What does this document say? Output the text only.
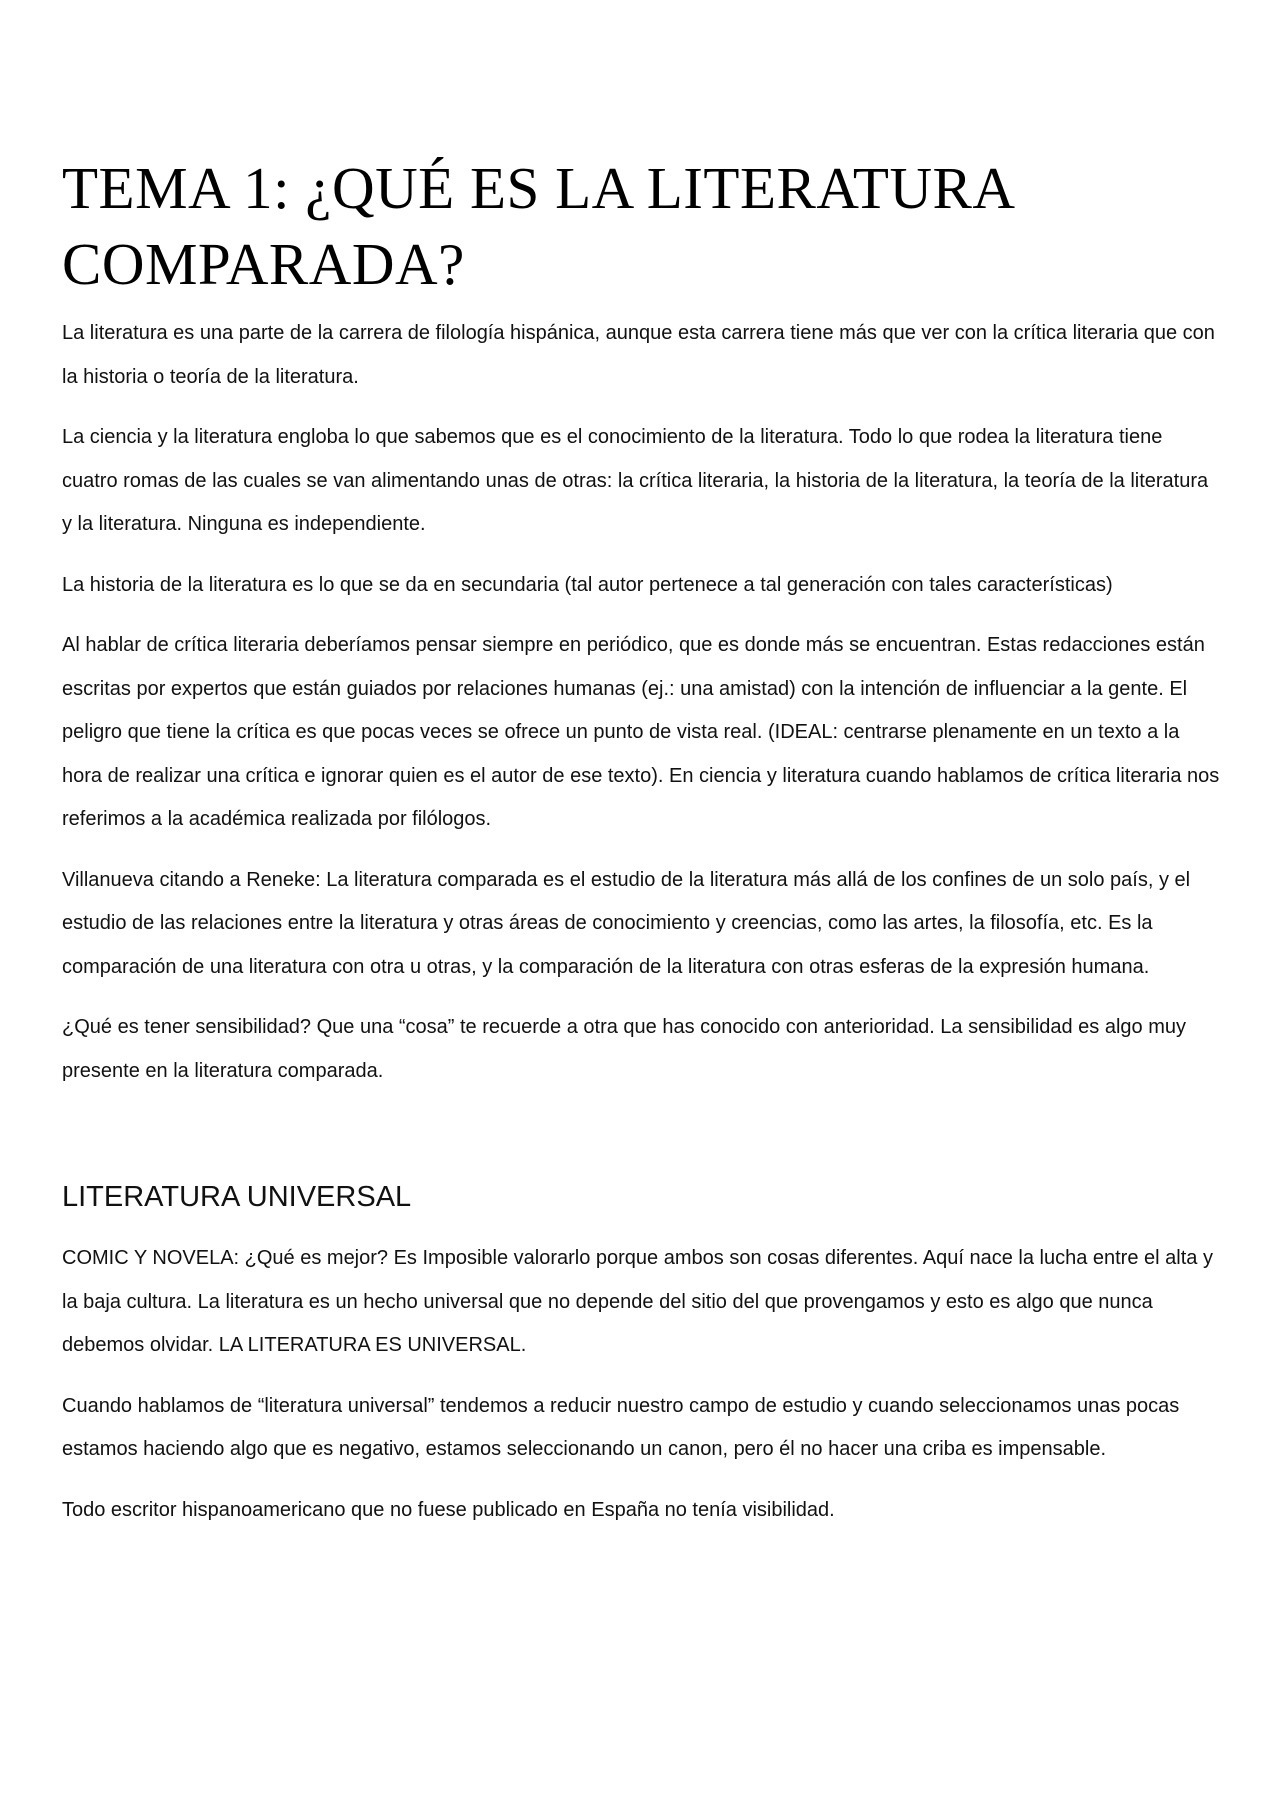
TEMA 1: ¿QUÉ ES LA LITERATURA COMPARADA?

La literatura es una parte de la carrera de filología hispánica, aunque esta carrera tiene más que ver con la crítica literaria que con la historia o teoría de la literatura.

La ciencia y la literatura engloba lo que sabemos que es el conocimiento de la literatura. Todo lo que rodea la literatura tiene cuatro romas de las cuales se van alimentando unas de otras: la crítica literaria, la historia de la literatura, la teoría de la literatura y la literatura. Ninguna es independiente.

La historia de la literatura es lo que se da en secundaria (tal autor pertenece a tal generación con tales características)

Al hablar de crítica literaria deberíamos pensar siempre en periódico, que es donde más se encuentran. Estas redacciones están escritas por expertos que están guiados por relaciones humanas (ej.: una amistad) con la intención de influenciar a la gente. El peligro que tiene la crítica es que pocas veces se ofrece un punto de vista real. (IDEAL: centrarse plenamente en un texto a la hora de realizar una crítica e ignorar quien es el autor de ese texto). En ciencia y literatura cuando hablamos de crítica literaria nos referimos a la académica realizada por filólogos.

Villanueva citando a Reneke: La literatura comparada es el estudio de la literatura más allá de los confines de un solo país, y el estudio de las relaciones entre la literatura y otras áreas de conocimiento y creencias, como las artes, la filosofía, etc. Es la comparación de una literatura con otra u otras, y la comparación de la literatura con otras esferas de la expresión humana.

¿Qué es tener sensibilidad? Que una “cosa” te recuerde a otra que has conocido con anterioridad. La sensibilidad es algo muy presente en la literatura comparada.

LITERATURA UNIVERSAL

COMIC Y NOVELA: ¿Qué es mejor? Es Imposible valorarlo porque ambos son cosas diferentes. Aquí nace la lucha entre el alta y la baja cultura. La literatura es un hecho universal que no depende del sitio del que provengamos y esto es algo que nunca debemos olvidar. LA LITERATURA ES UNIVERSAL.

Cuando hablamos de “literatura universal” tendemos a reducir nuestro campo de estudio y cuando seleccionamos unas pocas estamos haciendo algo que es negativo, estamos seleccionando un canon, pero él no hacer una criba es impensable.

Todo escritor hispanoamericano que no fuese publicado en España no tenía visibilidad.
